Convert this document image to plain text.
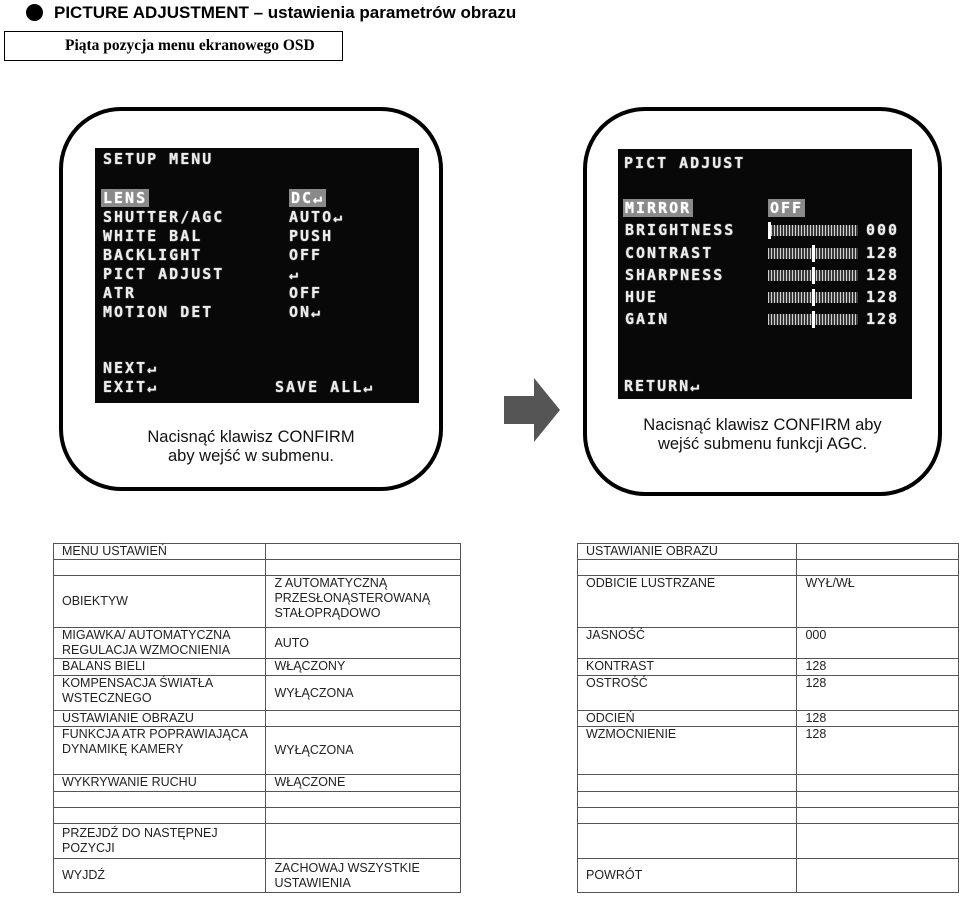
PICTURE ADJUSTMENT – ustawienia parametrów obrazu
Piąta pozycja menu ekranowego OSD
Nacisnąć klawisz CONFIRM
aby wejść w submenu.
SETUP MENU
LENS	DC↵
SHUTTER/AGC	AUTO↵
WHITE BAL	PUSH
BACKLIGHT	OFF
PICT ADJUST	↵
ATR	OFF
MOTION DET	ON↵
NEXT↵
EXIT↵	SAVE ALL↵
Nacisnąć klawisz CONFIRM aby
wejść submenu funkcji AGC.
PICT ADJUST
MIRROR	OFF
BRIGHTNESS	000
CONTRAST	128
SHARPNESS	128
HUE	128
GAIN	128
RETURN↵
MENU USTAWIEŃ	

OBIEKTYW	Z AUTOMATYCZNĄ PRZESŁONĄSTEROWANĄ STAŁOPRĄDOWO
MIGAWKA/ AUTOMATYCZNA REGULACJA WZMOCNIENIA	AUTO
BALANS BIELI	WŁĄCZONY
KOMPENSACJA ŚWIATŁA WSTECZNEGO	WYŁĄCZONA
USTAWIANIE OBRAZU	
FUNKCJA ATR POPRAWIAJĄCA DYNAMIKĘ KAMERY	WYŁĄCZONA
WYKRYWANIE RUCHU	WŁĄCZONE

PRZEJDŹ DO NASTĘPNEJ POZYCJI	
WYJDŹ	ZACHOWAJ WSZYSTKIE USTAWIENIA
USTAWIANIE OBRAZU	

ODBICIE LUSTRZANE	WYŁ/WŁ
JASNOŚĆ	000
KONTRAST	128
OSTROŚĆ	128
ODCIEŃ	128
WZMOCNIENIE	128

POWRÓT	
